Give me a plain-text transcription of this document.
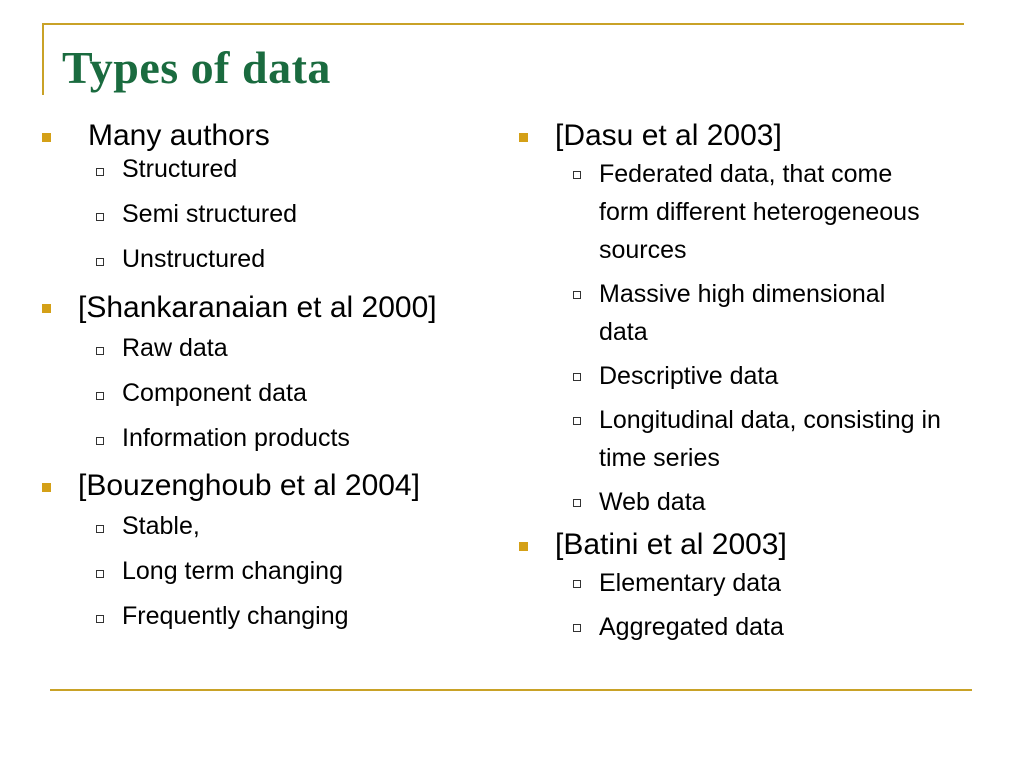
Types of data
Many authors
Structured
Semi structured
Unstructured
[Shankaranaian et al 2000]
Raw data
Component data
Information products
[Bouzenghoub et al 2004]
Stable,
Long term changing
Frequently changing
[Dasu et al 2003]
Federated data, that come form different heterogeneous sources
Massive high dimensional data
Descriptive data
Longitudinal data, consisting in time series
Web data
[Batini et al 2003]
Elementary data
Aggregated data
